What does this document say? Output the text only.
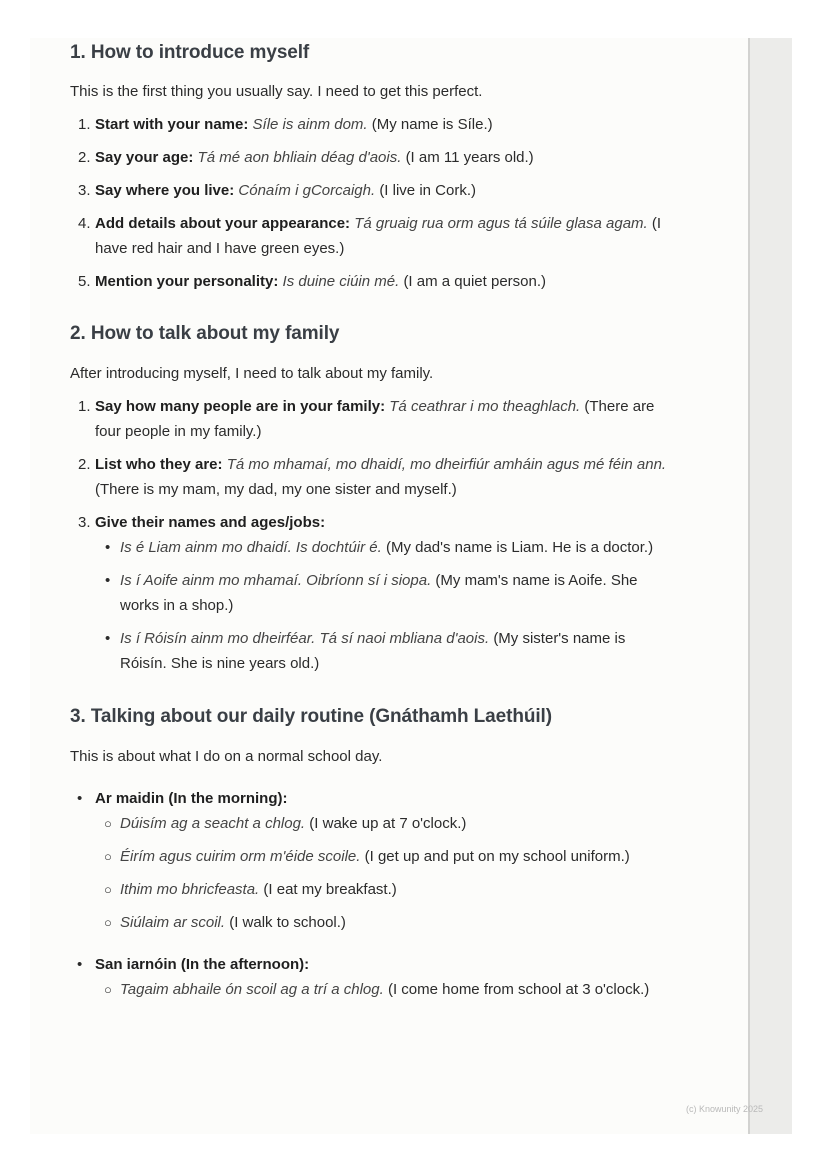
1. How to introduce myself

This is the first thing you usually say. I need to get this perfect.

1. Start with your name: Síle is ainm dom. (My name is Síle.)
2. Say your age: Tá mé aon bhliain déag d'aois. (I am 11 years old.)
3. Say where you live: Cónaím i gCorcaigh. (I live in Cork.)
4. Add details about your appearance: Tá gruaig rua orm agus tá súile glasa agam. (I have red hair and I have green eyes.)
5. Mention your personality: Is duine ciúin mé. (I am a quiet person.)
2. How to talk about my family

After introducing myself, I need to talk about my family.

1. Say how many people are in your family: Tá ceathrar i mo theaghlach. (There are four people in my family.)
2. List who they are: Tá mo mhamaí, mo dhaidí, mo dheirfiúr amháin agus mé féin ann. (There is my mam, my dad, my one sister and myself.)
3. Give their names and ages/jobs:
• Is é Liam ainm mo dhaidí. Is dochtúir é. (My dad's name is Liam. He is a doctor.)
• Is í Aoife ainm mo mhamaí. Oibríonn sí i siopa. (My mam's name is Aoife. She works in a shop.)
• Is í Róisín ainm mo dheirféar. Tá sí naoi mbliana d'aois. (My sister's name is Róisín. She is nine years old.)
3. Talking about our daily routine (Gnáthamh Laethúil)

This is about what I do on a normal school day.

• Ar maidin (In the morning):
○ Dúisím ag a seacht a chlog. (I wake up at 7 o'clock.)
○ Éirím agus cuirim orm m'éide scoile. (I get up and put on my school uniform.)
○ Ithim mo bhricfeasta. (I eat my breakfast.)
○ Siúlaim ar scoil. (I walk to school.)
• San iarnóin (In the afternoon):
○ Tagaim abhaile ón scoil ag a trí a chlog. (I come home from school at 3 o'clock.)
(c) Knowunity 2025
